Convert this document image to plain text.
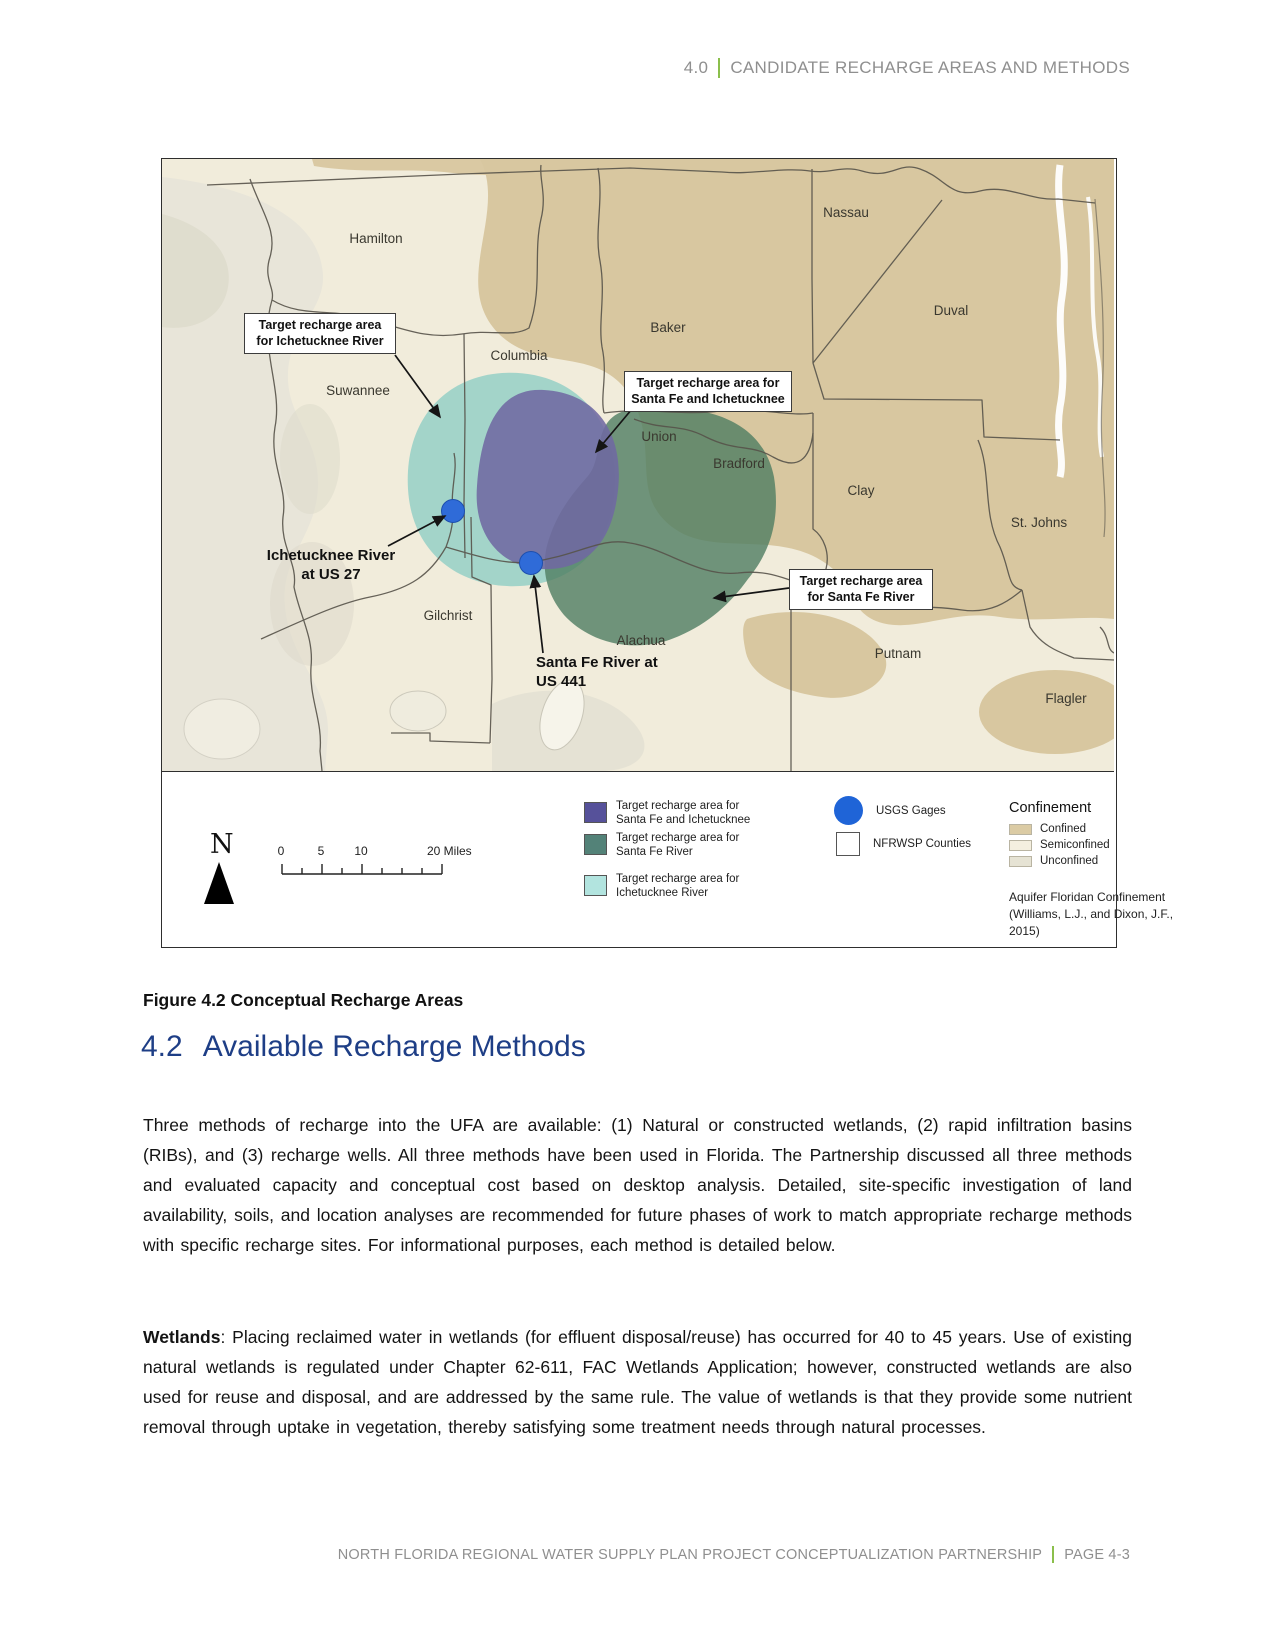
4.0 CANDIDATE RECHARGE AREAS AND METHODS
Hamilton
Nassau
Duval
Baker
Columbia
Suwannee
Union
Bradford
Clay
St. Johns
Gilchrist
Alachua
Putnam
Flagler
Target recharge area for Ichetucknee River
Target recharge area for Santa Fe and Ichetucknee
Target recharge area for Santa Fe River
Ichetucknee River at US 27
Santa Fe River at US 441
N	0	5 10	20 Miles
Target recharge area for Santa Fe and Ichetucknee
Target recharge area for Santa Fe River
Target recharge area for Ichetucknee River
USGS Gages
NFRWSP Counties
Confinement
Confined
Semiconfined
Unconfined
Aquifer Floridan Confinement (Williams, L.J., and Dixon, J.F., 2015)
Figure 4.2 Conceptual Recharge Areas
4.2 Available Recharge Methods

Three methods of recharge into the UFA are available: (1) Natural or constructed wetlands, (2) rapid infiltration basins (RIBs), and (3) recharge wells. All three methods have been used in Florida. The Partnership discussed all three methods and evaluated capacity and conceptual cost based on desktop analysis. Detailed, site-specific investigation of land availability, soils, and location analyses are recommended for future phases of work to match appropriate recharge methods with specific recharge sites. For informational purposes, each method is detailed below.

Wetlands: Placing reclaimed water in wetlands (for effluent disposal/reuse) has occurred for 40 to 45 years. Use of existing natural wetlands is regulated under Chapter 62-611, FAC Wetlands Application; however, constructed wetlands are also used for reuse and disposal, and are addressed by the same rule. The value of wetlands is that they provide some nutrient removal through uptake in vegetation, thereby satisfying some treatment needs through natural processes.

NORTH FLORIDA REGIONAL WATER SUPPLY PLAN PROJECT CONCEPTUALIZATION PARTNERSHIP PAGE 4-3
